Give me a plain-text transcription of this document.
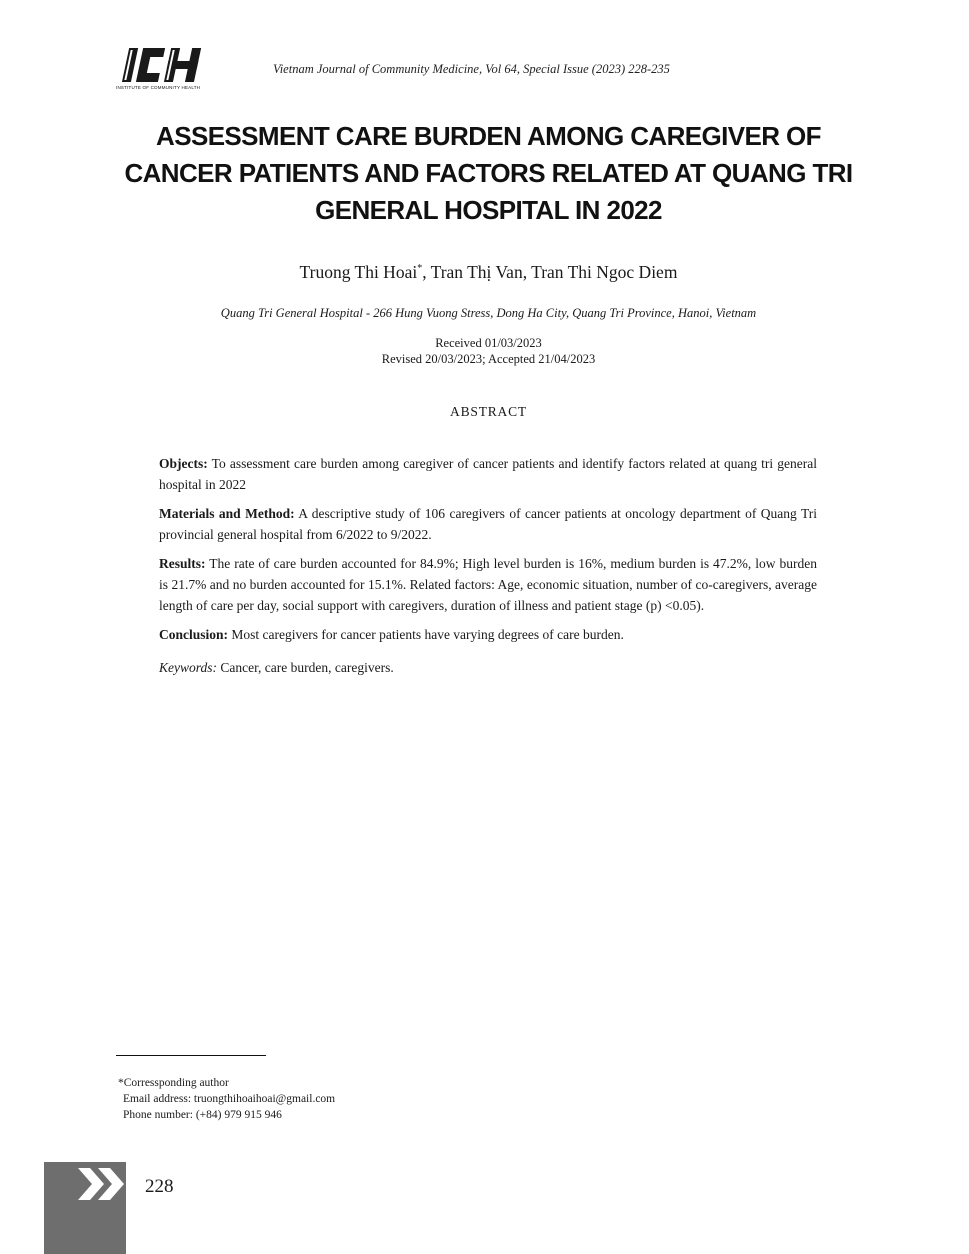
INSTITUTE OF COMMUNITY HEALTH
Vietnam Journal of Community Medicine, Vol 64, Special Issue (2023) 228-235
ASSESSMENT CARE BURDEN AMONG CAREGIVER OF
CANCER PATIENTS AND FACTORS RELATED AT QUANG TRI
GENERAL HOSPITAL IN 2022
Truong Thi Hoai*, Tran Thị Van, Tran Thi Ngoc Diem
Quang Tri General Hospital - 266 Hung Vuong Stress, Dong Ha City, Quang Tri Province, Hanoi, Vietnam
Received 01/03/2023
Revised 20/03/2023; Accepted 21/04/2023
ABSTRACT

Objects: To assessment care burden among caregiver of cancer patients and identify factors related at quang tri general hospital in 2022

Materials and Method: A descriptive study of 106 caregivers of cancer patients at oncology department of Quang Tri provincial general hospital from 6/2022 to 9/2022.

Results: The rate of care burden accounted for 84.9%; High level burden is 16%, medium burden is 47.2%, low burden is 21.7% and no burden accounted for 15.1%. Related factors: Age, economic situation, number of co-caregivers, average length of care per day, social support with caregivers, duration of illness and patient stage (p) <0.05).

Conclusion: Most caregivers for cancer patients have varying degrees of care burden.

Keywords: Cancer, care burden, caregivers.

*Corressponding author
Email address: truongthihoaihoai@gmail.com
Phone number: (+84) 979 915 946
228
